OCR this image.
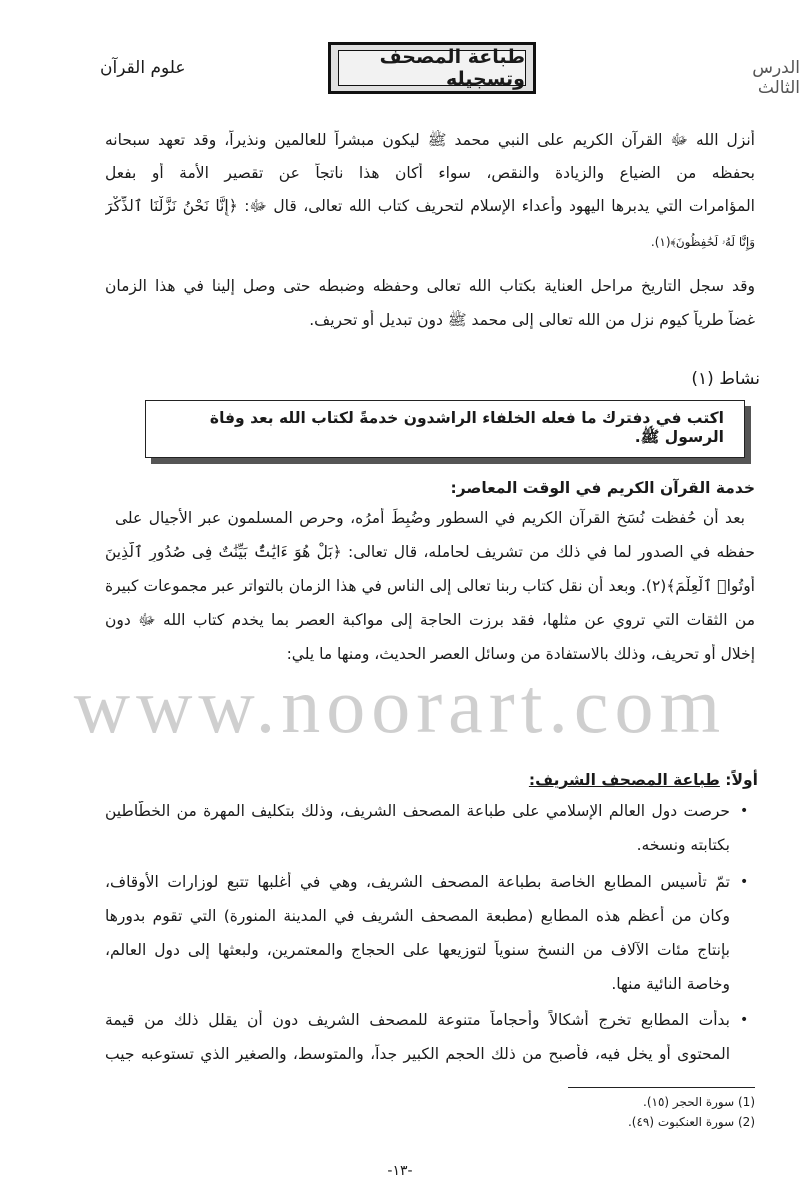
الدرس الثالث
طباعة المصحف وتسجيله
علوم القرآن
أنزل الله ﷻ القرآن الكريم على النبي محمد ﷺ ليكون مبشراً للعالمين ونذيراً، وقد تعهد سبحانه
بحفظه من الضياع والزيادة والنقص، سواء أكان هذا ناتجاً عن تقصير الأمة أو بفعل
المؤامرات التي يدبرها اليهود وأعداء الإسلام لتحريف كتاب الله تعالى، قال ﷻ: ﴿إِنَّا نَحْنُ نَزَّلْنَا ٱلذِّكْرَ
وَإِنَّا لَهُۥ لَحَٰفِظُونَ﴾(١).
وقد سجل التاريخ مراحل العناية بكتاب الله تعالى وحفظه وضبطه حتى وصل إلينا في هذا الزمان
غضاً طرياً كيوم نزل من الله تعالى إلى محمد ﷺ دون تبديل أو تحريف.
نشاط (١)
اكتب في دفترك ما فعله الخلفاء الراشدون خدمةً لكتاب الله بعد وفاة الرسول ﷺ.
خدمة القرآن الكريم في الوقت المعاصر:
بعد أن حُفظت نُسَخ القرآن الكريم في السطور وضُبِطَ أمرُه، وحرص المسلمون عبر الأجيال على
حفظه في الصدور لما في ذلك من تشريف لحامله، قال تعالى: ﴿بَلْ هُوَ ءَايَٰتٌۢ بَيِّنَٰتٌ فِى صُدُورِ ٱلَّذِينَ
أُوتُوا۟ ٱلْعِلْمَ﴾(٢). وبعد أن نقل كتاب ربنا تعالى إلى الناس في هذا الزمان بالتواتر عبر مجموعات كبيرة
من الثقات التي تروي عن مثلها، فقد برزت الحاجة إلى مواكبة العصر بما يخدم كتاب الله ﷻ دون
إخلال أو تحريف، وذلك بالاستفادة من وسائل العصر الحديث، ومنها ما يلي:
www.noorart.com
أولاً: طباعة المصحف الشريف:
•
حرصت دول العالم الإسلامي على طباعة المصحف الشريف، وذلك بتكليف المهرة من الخطّاطين
بكتابته ونسخه.
•
تمّ تأسيس المطابع الخاصة بطباعة المصحف الشريف، وهي في أغلبها تتبع لوزارات الأوقاف،
وكان من أعظم هذه المطابع (مطبعة المصحف الشريف في المدينة المنورة) التي تقوم بدورها
بإنتاج مئات الآلاف من النسخ سنوياً لتوزيعها على الحجاج والمعتمرين، ولبعثها إلى دول العالم،
وخاصة النائية منها.
•
بدأت المطابع تخرج أشكالاً وأحجاماً متنوعة للمصحف الشريف دون أن يقلل ذلك من قيمة
المحتوى أو يخل فيه، فأصبح من ذلك الحجم الكبير جداً، والمتوسط، والصغير الذي تستوعبه جيب
(1) سورة الحجر (١٥).
(2) سورة العنكبوت (٤٩).
-١٣-
